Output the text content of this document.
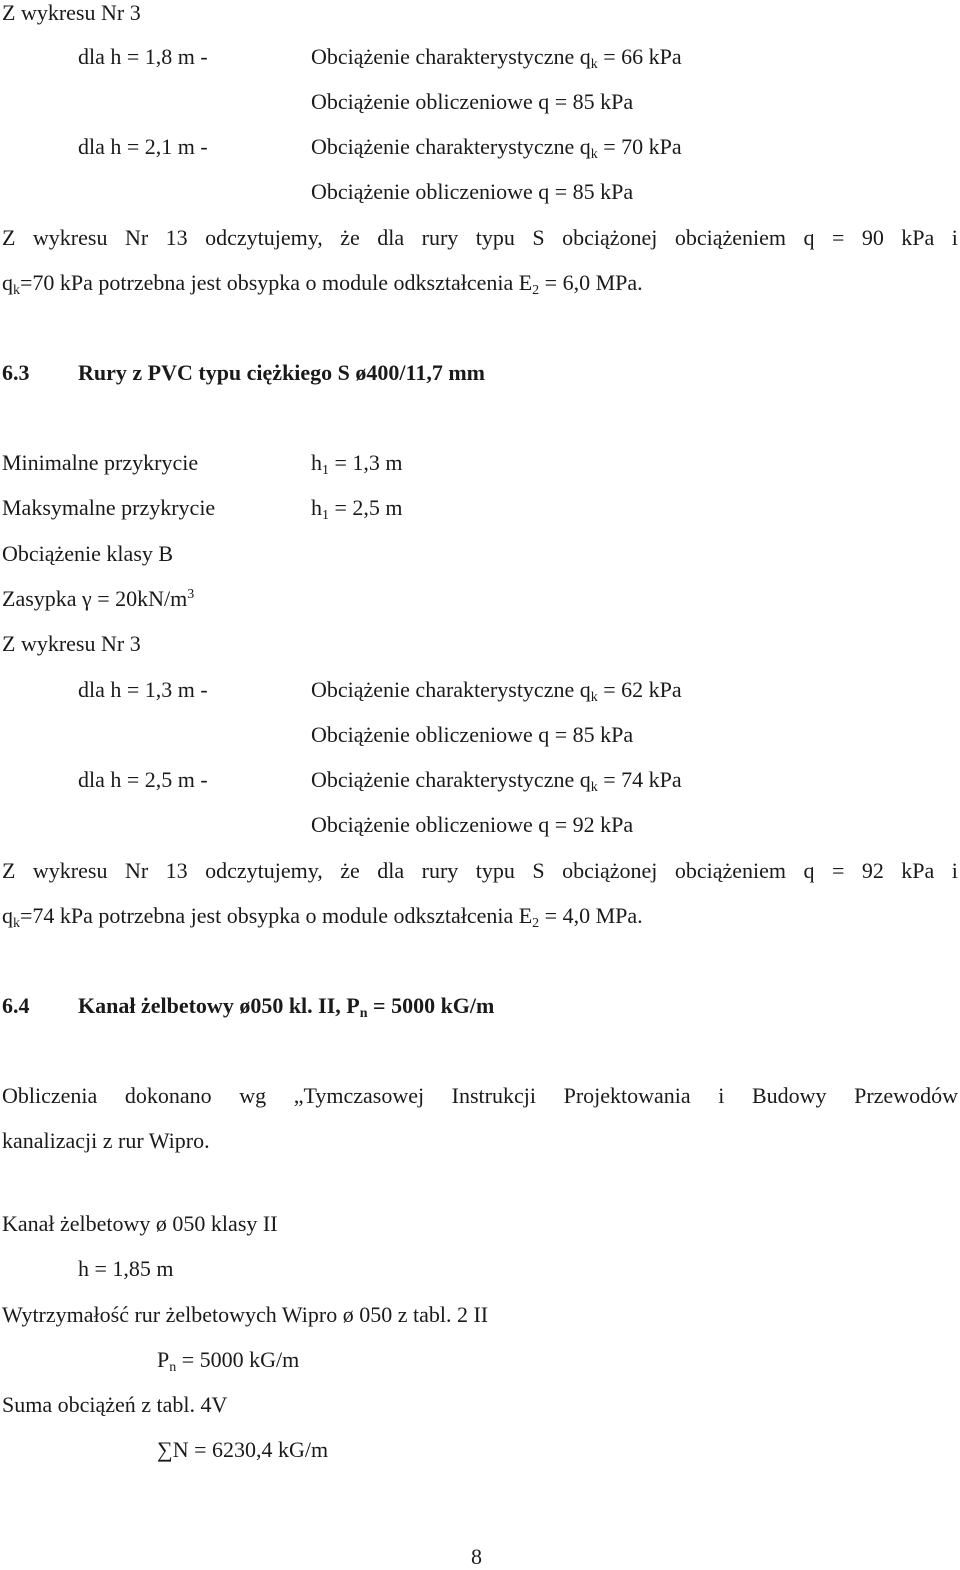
Z wykresu Nr 3
dla h = 1,8 m -	Obciążenie charakterystyczne $q_k = 66$ kPa
Obciążenie obliczeniowe q = 85 kPa
dla h = 2,1 m -	Obciążenie charakterystyczne $q_k = 70$ kPa
Obciążenie obliczeniowe q = 85 kPa
Z wykresu Nr 13 odczytujemy, że dla rury typu S obciążonej obciążeniem q = 90 kPa i
$q_k=70$ kPa potrzebna jest obsypka o module odkształcenia $E_2 = 6,0$ MPa.
6.3 Rury z PVC typu ciężkiego S ø400/11,7 mm
Minimalne przykrycie	$h_1 = 1,3$ m
Maksymalne przykrycie	$h_1 = 2,5$ m
Obciążenie klasy B
Zasypka $\gamma = 20kN/m^3$
Z wykresu Nr 3
dla h = 1,3 m -	Obciążenie charakterystyczne $q_k = 62$ kPa
Obciążenie obliczeniowe q = 85 kPa
dla h = 2,5 m -	Obciążenie charakterystyczne $q_k = 74$ kPa
Obciążenie obliczeniowe q = 92 kPa
Z wykresu Nr 13 odczytujemy, że dla rury typu S obciążonej obciążeniem q = 92 kPa i
$q_k=74$ kPa potrzebna jest obsypka o module odkształcenia $E_2 = 4,0$ MPa.
6.4 Kanał żelbetowy ø050 kl. II, $P_n = 5000$ kG/m
Obliczenia dokonano wg „Tymczasowej Instrukcji Projektowania i Budowy Przewodów
kanalizacji z rur Wipro.
Kanał żelbetowy ø 050 klasy II
h = 1,85 m
Wytrzymałość rur żelbetowych Wipro ø 050 z tabl. 2 II
$P_n = 5000$ kG/m
Suma obciążeń z tabl. 4V
∑N = 6230,4 kG/m
8
